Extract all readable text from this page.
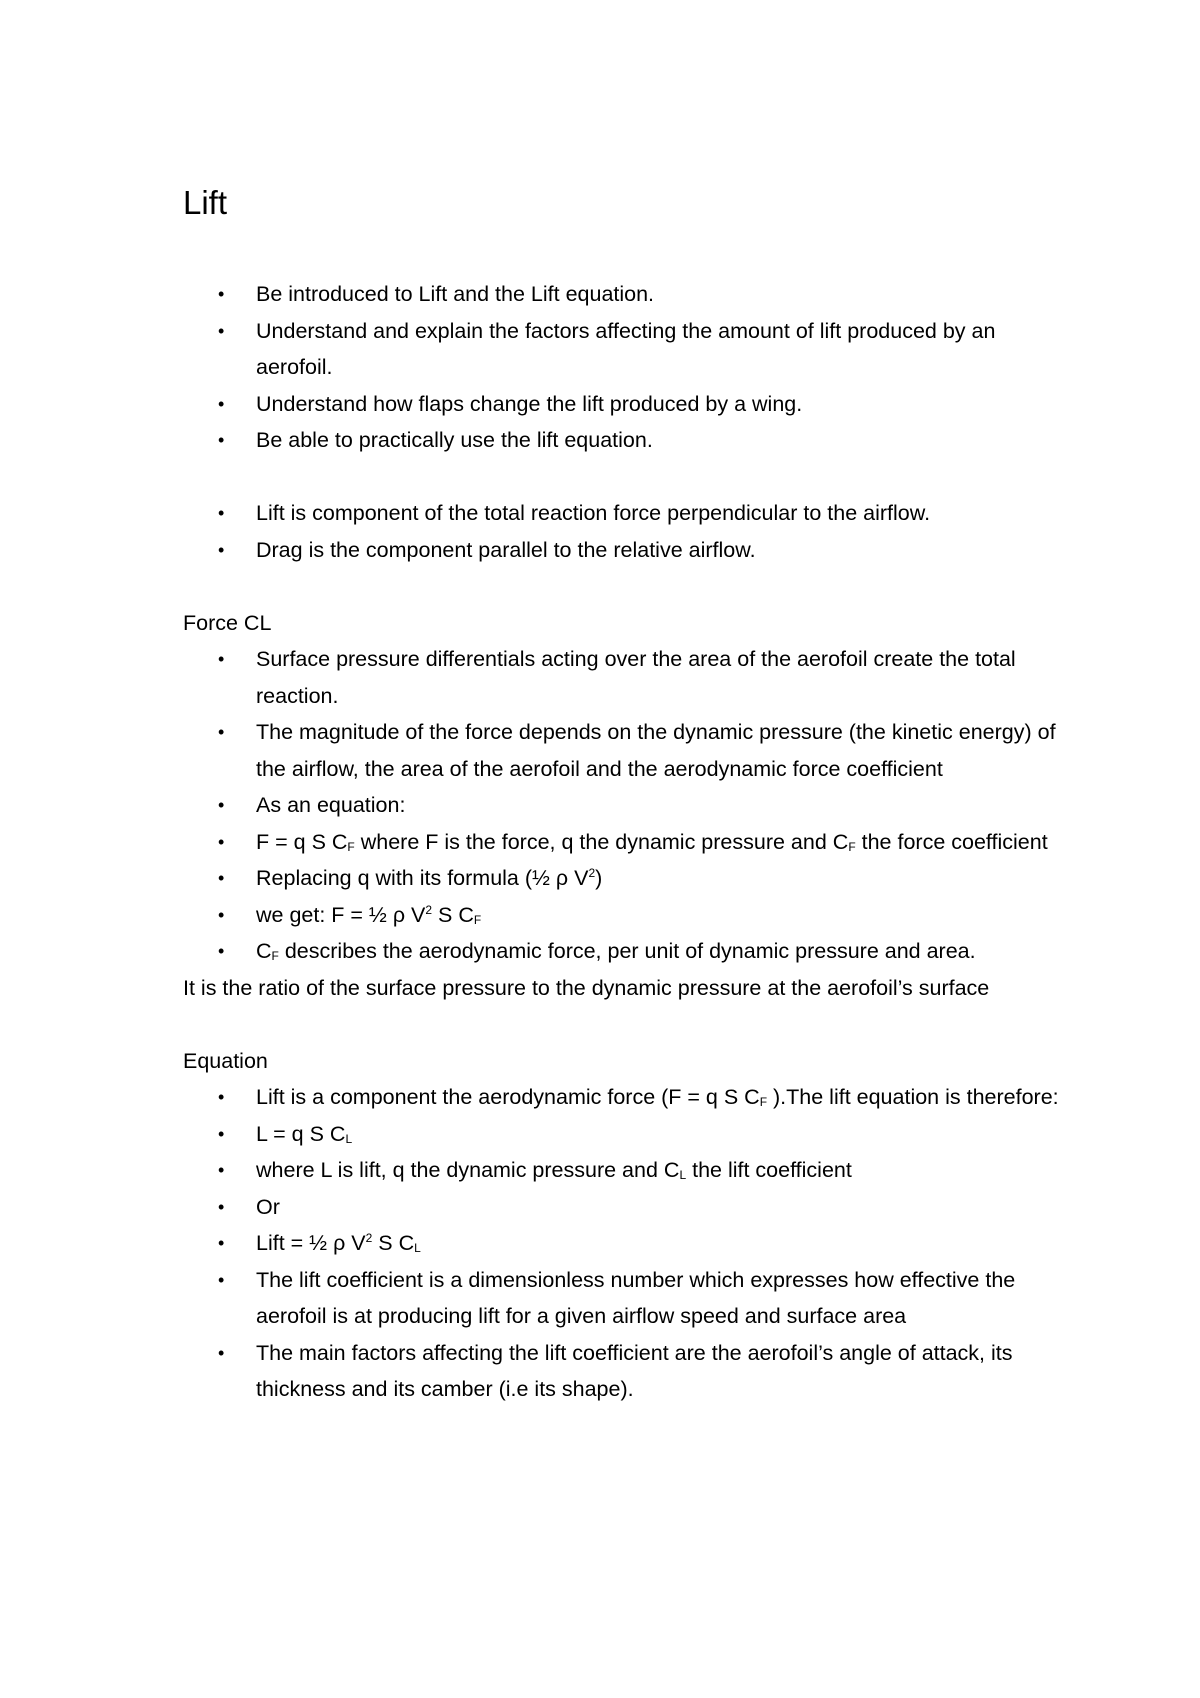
Lift
• Be introduced to Lift and the Lift equation.
• Understand and explain the factors affecting the amount of lift produced by an aerofoil.
• Understand how flaps change the lift produced by a wing.
• Be able to practically use the lift equation.
• Lift is component of the total reaction force perpendicular to the airflow.
• Drag is the component parallel to the relative airflow.
Force CL
• Surface pressure differentials acting over the area of the aerofoil create the total reaction.
• The magnitude of the force depends on the dynamic pressure (the kinetic energy) of the airflow, the area of the aerofoil and the aerodynamic force coefficient
• As an equation:
• F = q S $C_F$ where F is the force, q the dynamic pressure and $C_F$ the force coefficient
• Replacing q with its formula (½ ρ $V^2$)
• we get: F = ½ ρ $V^2$ S $C_F$
• $C_F$ describes the aerodynamic force, per unit of dynamic pressure and area.

It is the ratio of the surface pressure to the dynamic pressure at the aerofoil’s surface

Equation
• Lift is a component the aerodynamic force (F = q S $C_F$ ).The lift equation is therefore:
• L = q S $C_L$
• where L is lift, q the dynamic pressure and $C_L$ the lift coefficient
• Or
• Lift = ½ ρ $V^2$ S $C_L$
• The lift coefficient is a dimensionless number which expresses how effective the aerofoil is at producing lift for a given airflow speed and surface area
• The main factors affecting the lift coefficient are the aerofoil’s angle of attack, its thickness and its camber (i.e its shape).
